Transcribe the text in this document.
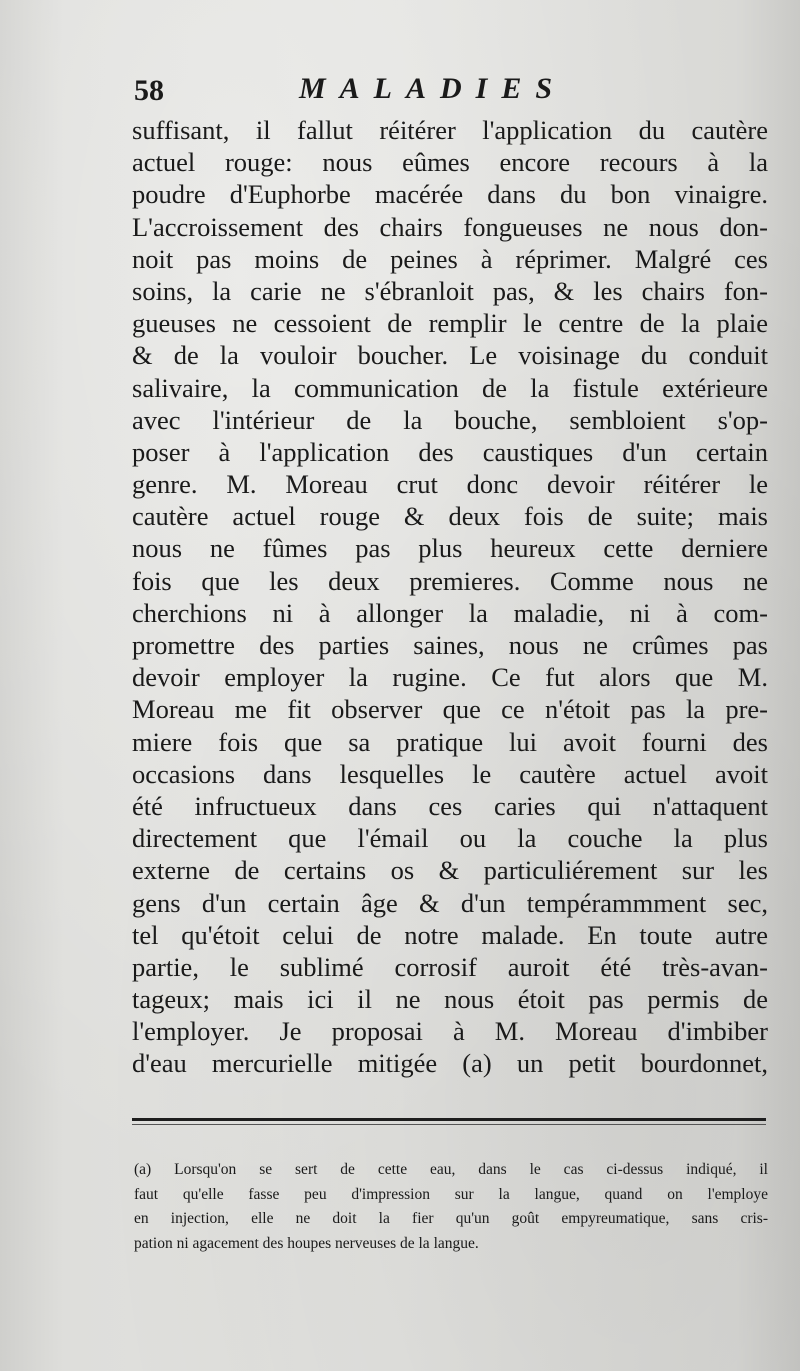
58	MALADIES
suffisant, il fallut réitérer l'application du cautère
actuel rouge: nous eûmes encore recours à la
poudre d'Euphorbe macérée dans du bon vinaigre.
L'accroissement des chairs fongueuses ne nous don-
noit pas moins de peines à réprimer. Malgré ces
soins, la carie ne s'ébranloit pas, & les chairs fon-
gueuses ne cessoient de remplir le centre de la plaie
& de la vouloir boucher. Le voisinage du conduit
salivaire, la communication de la fistule extérieure
avec l'intérieur de la bouche, sembloient s'op-
poser à l'application des caustiques d'un certain
genre. M. Moreau crut donc devoir réitérer le
cautère actuel rouge & deux fois de suite; mais
nous ne fûmes pas plus heureux cette derniere
fois que les deux premieres. Comme nous ne
cherchions ni à allonger la maladie, ni à com-
promettre des parties saines, nous ne crûmes pas
devoir employer la rugine. Ce fut alors que M.
Moreau me fit observer que ce n'étoit pas la pre-
miere fois que sa pratique lui avoit fourni des
occasions dans lesquelles le cautère actuel avoit
été infructueux dans ces caries qui n'attaquent
directement que l'émail ou la couche la plus
externe de certains os & particuliérement sur les
gens d'un certain âge & d'un tempérammment sec,
tel qu'étoit celui de notre malade. En toute autre
partie, le sublimé corrosif auroit été très-avan-
tageux; mais ici il ne nous étoit pas permis de
l'employer. Je proposai à M. Moreau d'imbiber
d'eau mercurielle mitigée (a) un petit bourdonnet,
(a) Lorsqu'on se sert de cette eau, dans le cas ci-dessus indiqué, il
faut qu'elle fasse peu d'impression sur la langue, quand on l'employe
en injection, elle ne doit la fier qu'un goût empyreumatique, sans cris-
pation ni agacement des houpes nerveuses de la langue.
